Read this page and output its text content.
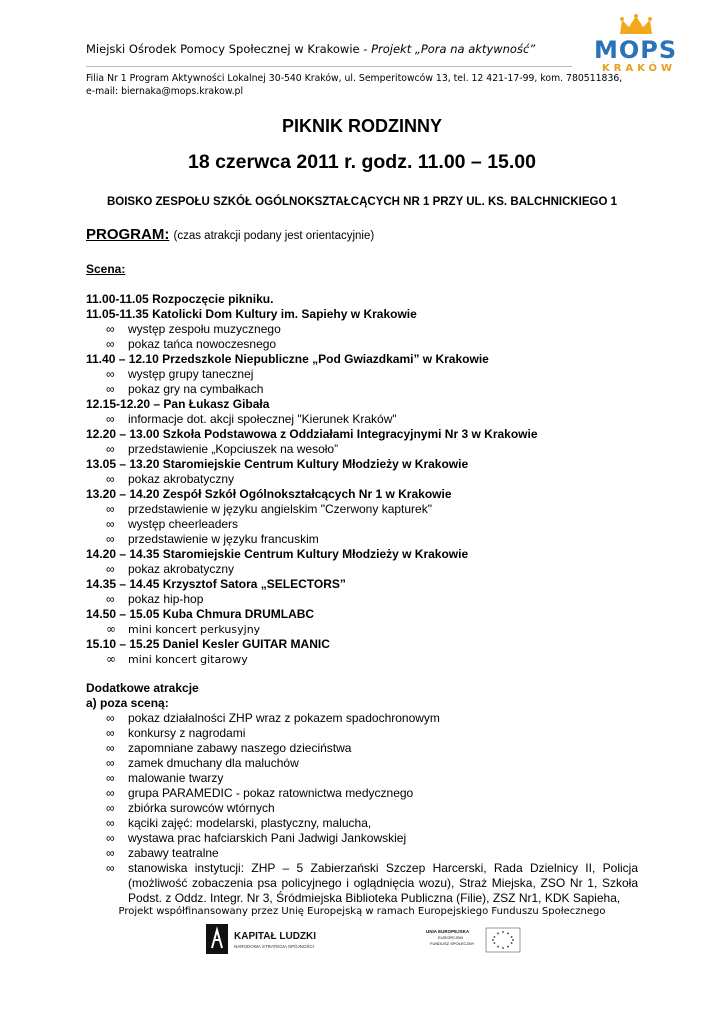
Miejski Ośrodek Pomocy Społecznej w Krakowie - Projekt „Pora na aktywność”
Filia Nr 1 Program Aktywności Lokalnej 30-540 Kraków, ul. Semperitowców 13, tel. 12 421-17-99, kom. 780511836,
e-mail: biernaka@mops.krakow.pl
MOPS
KRAKÓW
PIKNIK RODZINNY
18 czerwca 2011 r. godz. 11.00 – 15.00
BOISKO ZESPOŁU SZKÓŁ OGÓLNOKSZTAŁCĄCYCH NR 1 PRZY UL. KS. BALCHNICKIEGO 1
PROGRAM: (czas atrakcji podany jest orientacyjnie)
Scena:
11.00-11.05 Rozpoczęcie pikniku.
11.05-11.35 Katolicki Dom Kultury im. Sapiehy w Krakowie
∞ występ zespołu muzycznego
∞ pokaz tańca nowoczesnego
11.40 – 12.10 Przedszkole Niepubliczne „Pod Gwiazdkami” w Krakowie
∞ występ grupy tanecznej
∞ pokaz gry na cymbałkach
12.15-12.20 – Pan Łukasz Gibała
∞ informacje dot. akcji społecznej "Kierunek Kraków"
12.20 – 13.00 Szkoła Podstawowa z Oddziałami Integracyjnymi Nr 3 w Krakowie
∞ przedstawienie „Kopciuszek na wesoło”
13.05 – 13.20 Staromiejskie Centrum Kultury Młodzieży w Krakowie
∞ pokaz akrobatyczny
13.20 – 14.20 Zespół Szkół Ogólnokształcących Nr 1 w Krakowie
∞ przedstawienie w języku angielskim "Czerwony kapturek"
∞ występ cheerleaders
∞ przedstawienie w języku francuskim
14.20 – 14.35 Staromiejskie Centrum Kultury Młodzieży w Krakowie
∞ pokaz akrobatyczny
14.35 – 14.45 Krzysztof Satora „SELECTORS”
∞ pokaz hip-hop
14.50 – 15.05 Kuba Chmura DRUMLABC
∞ mini koncert perkusyjny
15.10 – 15.25 Daniel Kesler GUITAR MANIC
∞ mini koncert gitarowy
Dodatkowe atrakcje
a) poza sceną:
∞ pokaz działalności ZHP wraz z pokazem spadochronowym
∞ konkursy z nagrodami
∞ zapomniane zabawy naszego dzieciństwa
∞ zamek dmuchany dla maluchów
∞ malowanie twarzy
∞ grupa PARAMEDIC - pokaz ratownictwa medycznego
∞ zbiórka surowców wtórnych
∞ kąciki zajęć: modelarski, plastyczny, malucha,
∞ wystawa prac hafciarskich Pani Jadwigi Jankowskiej
∞ zabawy teatralne
∞ stanowiska instytucji: ZHP – 5 Zabierzański Szczep Harcerski, Rada Dzielnicy II, Policja (możliwość zobaczenia psa policyjnego i oglądnięcia wozu), Straż Miejska, ZSO Nr 1, Szkoła Podst. z Oddz. Integr. Nr 3, Śródmiejska Biblioteka Publiczna (Filie), ZSZ Nr1, KDK Sapieha,
Projekt współfinansowany przez Unię Europejską w ramach Europejskiego Funduszu Społecznego
KAPITAŁ LUDZKI
NARODOWA STRATEGIA SPÓJNOŚCI
UNIA EUROPEJSKA
EUROPEJSKI
FUNDUSZ SPOŁECZNY
